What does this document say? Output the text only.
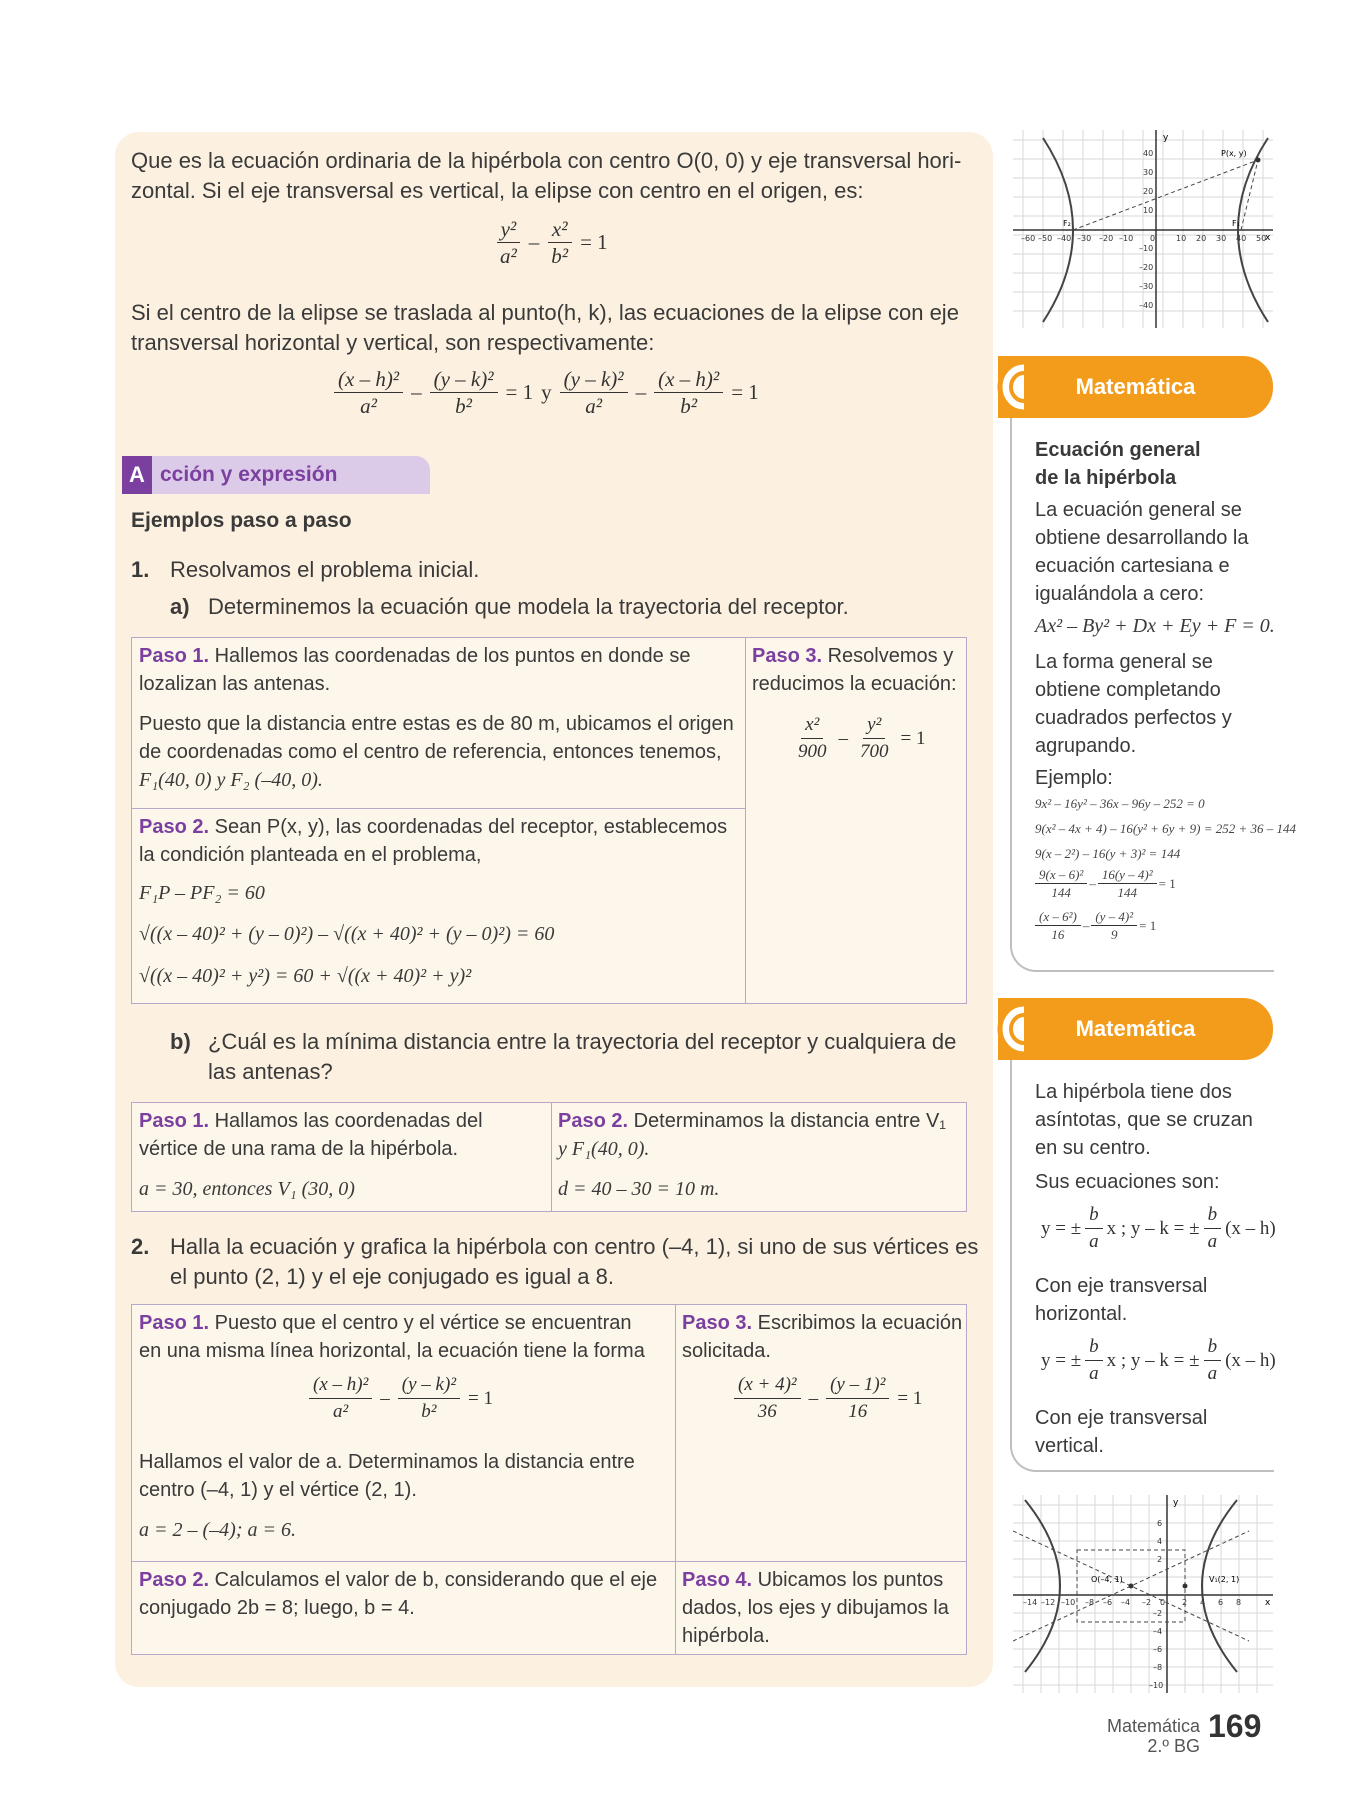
Que es la ecuación ordinaria de la hipérbola con centro O(0, 0) y eje transversal hori-
zontal. Si el eje transversal es vertical, la elipse con centro en el origen, es:
$\frac{\text{y²}}{\text{a²}} - \frac{\text{x²}}{\text{b²}} = 1$
Si el centro de la elipse se traslada al punto(h, k), las ecuaciones de la elipse con eje
transversal horizontal y vertical, son respectivamente:
$\frac{\text{(x – h)²}}{\text{a²}} - \frac{\text{(y – k)²}}{\text{b²}} = 1$ y $\frac{\text{(y – k)²}}{\text{a²}} - \frac{\text{(x – h)²}}{\text{b²}} = 1$
A cción y expresión
Ejemplos paso a paso
1. Resolvamos el problema inicial.
a) Determinemos la ecuación que modela la trayectoria del receptor.
Paso 1. Hallemos las coordenadas de los puntos en donde se
lozalizan las antenas.
Puesto que la distancia entre estas es de 80 m, ubicamos el origen
de coordenadas como el centro de referencia, entonces tenemos,
F₁(40, 0) y F₂ (–40, 0).
Paso 2. Sean P(x, y), las coordenadas del receptor, establecemos
la condición planteada en el problema,
F₁P – PF₂ = 60
√((x – 40)² + (y – 0)²) – √((x + 40)² + (y – 0)²) = 60
√((x – 40)² + y²) = 60 + √((x + 40)² + y)²
Paso 3. Resolvemos y
reducimos la ecuación:
$\frac{\text{x²}}{900} - \frac{\text{y²}}{700} = 1$
b) ¿Cuál es la mínima distancia entre la trayectoria del receptor y cualquiera de
las antenas?
Paso 1. Hallamos las coordenadas del
vértice de una rama de la hipérbola.
a = 30, entonces V₁ (30, 0)
Paso 2. Determinamos la distancia entre V₁
y F₁(40, 0).
d = 40 – 30 = 10 m.
2. Halla la ecuación y grafica la hipérbola con centro (–4, 1), si uno de sus vértices es
el punto (2, 1) y el eje conjugado es igual a 8.
Paso 1. Puesto que el centro y el vértice se encuentran
en una misma línea horizontal, la ecuación tiene la forma
$\frac{\text{(x – h)²}}{\text{a²}} - \frac{\text{(y – k)²}}{\text{b²}} = 1$
Hallamos el valor de a. Determinamos la distancia entre
centro (–4, 1) y el vértice (2, 1).
a = 2 – (–4); a = 6.
Paso 3. Escribimos la ecuación
solicitada.
$\frac{\text{(x + 4)²}}{36} - \frac{\text{(y – 1)²}}{16} = 1$
Paso 2. Calculamos el valor de b, considerando que el eje
conjugado 2b = 8; luego, b = 4.
Paso 4. Ubicamos los puntos
dados, los ejes y dibujamos la
hipérbola.
y
x
P(x, y)
F₂	F₁
–60 –50 –40 –30 –20 –10 0	10 20 30 40 50
40
30
20
10
–10
–20
–30
–40
Matemática
Ecuación general
de la hipérbola
La ecuación general se
obtiene desarrollando la
ecuación cartesiana e
igualándola a cero:
Ax² – By² + Dx + Ey + F = 0.
La forma general se
obtiene completando
cuadrados perfectos y
agrupando.
Ejemplo:
9x² – 16y² – 36x – 96y – 252 = 0
9(x² – 4x + 4) – 16(y² + 6y + 9) = 252 + 36 – 144
9(x – 2²) – 16(y + 3)² = 144
$\frac{\text{9(x – 6)²}}{144} - \frac{\text{16(y – 4)²}}{144} = 1$
$\frac{\text{(x – 6²)}}{16} - \frac{\text{(y – 4)²}}{9} = 1$
Matemática
La hipérbola tiene dos
asíntotas, que se cruzan
en su centro.
Sus ecuaciones son:
y = ± $\frac{b}{a}$ x ; y – k = ± $\frac{b}{a} (x - h)$
Con eje transversal
horizontal.
y = ± $\frac{b}{a}$ x ; y – k = ± $\frac{b}{a} (x - h)$
Con eje transversal
vertical.
y
x
O(–4, 1)	V₁(2, 1)
–14 –12 –10 –8 –6 –4 –2 0 2 4 6 8
6
4
2
–2
–4
–6
–8
–10
Matemática
2.º BG
169
